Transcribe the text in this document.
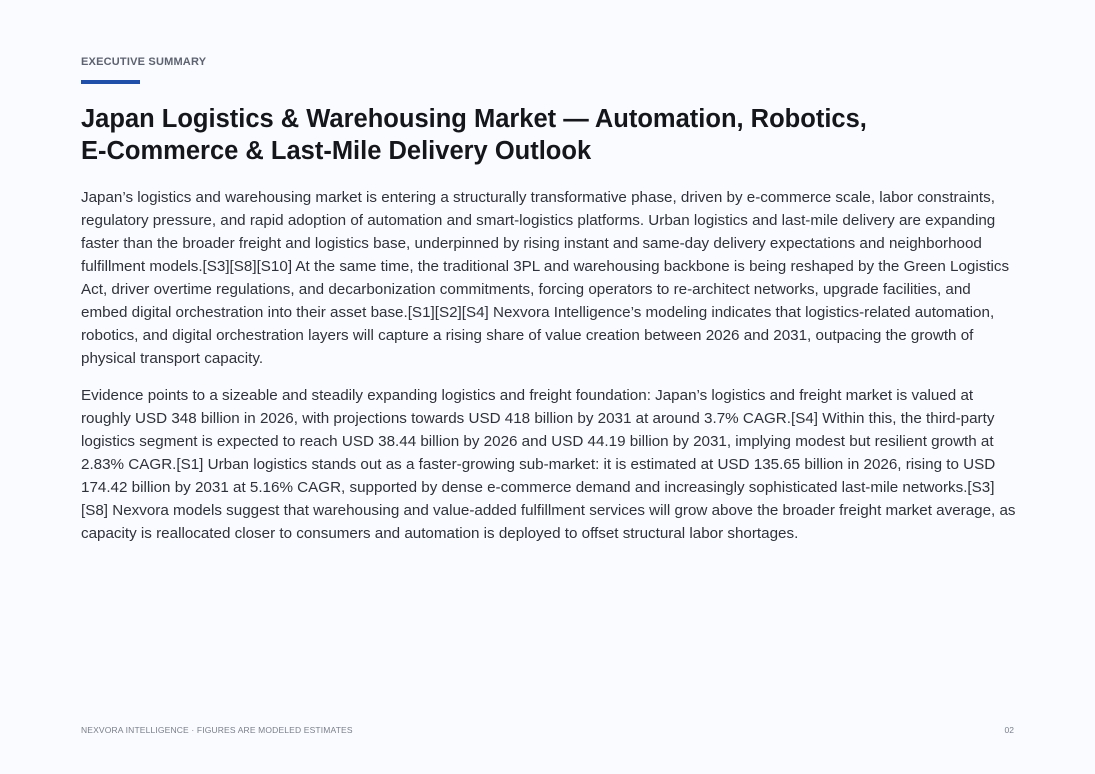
EXECUTIVE SUMMARY
Japan Logistics & Warehousing Market — Automation, Robotics,
E-Commerce & Last-Mile Delivery Outlook

Japan’s logistics and warehousing market is entering a structurally transformative phase, driven by e-commerce scale, labor constraints, regulatory pressure, and rapid adoption of automation and smart-logistics platforms. Urban logistics and last-mile delivery are expanding faster than the broader freight and logistics base, underpinned by rising instant and same-day delivery expectations and neighborhood fulfillment models.[S3][S8][S10] At the same time, the traditional 3PL and warehousing backbone is being reshaped by the Green Logistics Act, driver overtime regulations, and decarbonization commitments, forcing operators to re-architect networks, upgrade facilities, and embed digital orchestration into their asset base.[S1][S2][S4] Nexvora Intelligence’s modeling indicates that logistics-related automation, robotics, and digital orchestration layers will capture a rising share of value creation between 2026 and 2031, outpacing the growth of physical transport capacity.

Evidence points to a sizeable and steadily expanding logistics and freight foundation: Japan’s logistics and freight market is valued at roughly USD 348 billion in 2026, with projections towards USD 418 billion by 2031 at around 3.7% CAGR.[S4] Within this, the third-party logistics segment is expected to reach USD 38.44 billion by 2026 and USD 44.19 billion by 2031, implying modest but resilient growth at 2.83% CAGR.[S1] Urban logistics stands out as a faster-growing sub-market: it is estimated at USD 135.65 billion in 2026, rising to USD 174.42 billion by 2031 at 5.16% CAGR, supported by dense e-commerce demand and increasingly sophisticated last-mile networks.[S3][S8] Nexvora models suggest that warehousing and value-added fulfillment services will grow above the broader freight market average, as capacity is reallocated closer to consumers and automation is deployed to offset structural labor shortages.

NEXVORA INTELLIGENCE · FIGURES ARE MODELED ESTIMATES	02
